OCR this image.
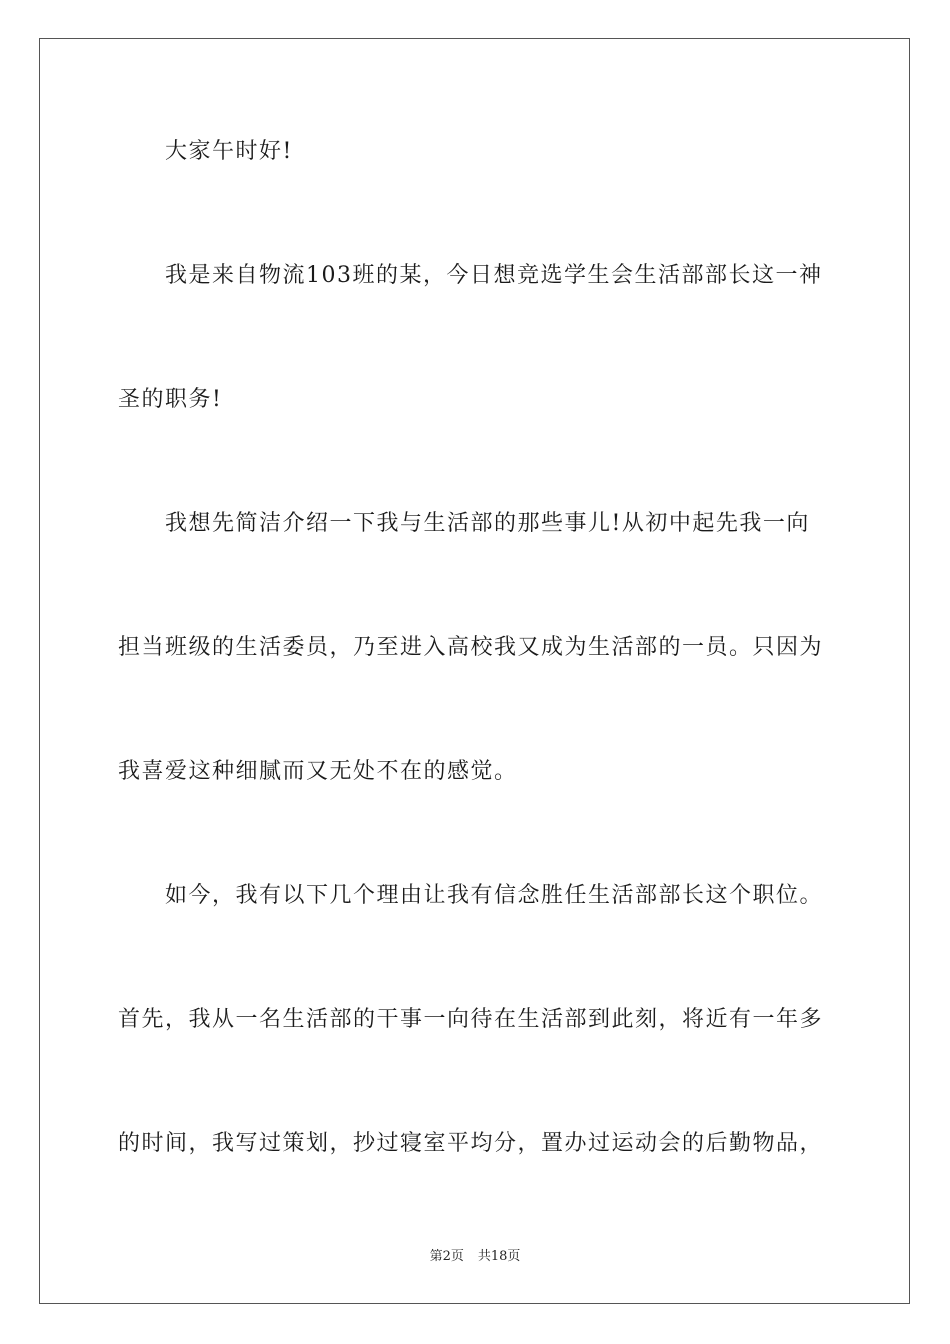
大家午时好!
我是来自物流103班的某，今日想竞选学生会生活部部长这一神
圣的职务!
我想先简洁介绍一下我与生活部的那些事儿!从初中起先我一向
担当班级的生活委员，乃至进入高校我又成为生活部的一员。只因为
我喜爱这种细腻而又无处不在的感觉。
如今，我有以下几个理由让我有信念胜任生活部部长这个职位。
首先，我从一名生活部的干事一向待在生活部到此刻，将近有一年多
的时间，我写过策划，抄过寝室平均分，置办过运动会的后勤物品，
第2页 共18页
